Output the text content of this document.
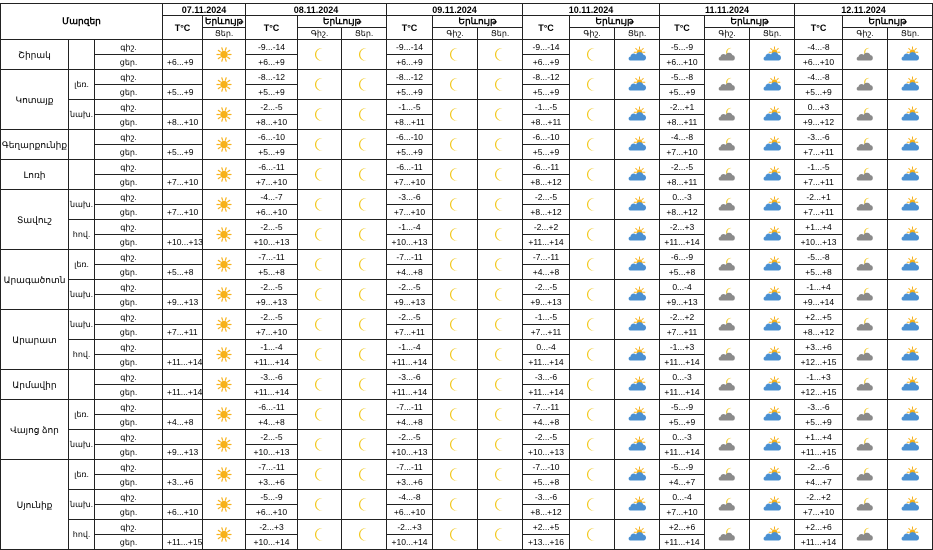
Մարզեր			07.11.2024		08.11.2024			09.11.2024			10.11.2024			11.11.2024			12.11.2024		
			T°C	Երևույթ	T°C	Երևույթ		T°C	Երևույթ		T°C	Երևույթ		T°C	Երևույթ		T°C	Երևույթ	
				Ցեր.		Գիշ.	Ցեր.		Գիշ.	Ցեր.		Գիշ.	Ցեր.		Գիշ.	Ցեր.		Գիշ.	Ցեր.
Շիրակ		գիշ.			-9...-14			-9...-14			-9...-14			-5...-9			-4...-8	

		ցեր.	+6...+9		+6...+9			+6...+9			+6...+9			+6...+10			+6...+10		
Կոտայք	լեռ.	գիշ.			-8...-12			-8...-12			-8...-12			-5...-8			-4...-8	

		ցեր.	+5...+9		+5...+9			+5...+9			+5...+9			+5...+9			+5...+9		
	նախ.	գիշ.			-2...-5			-1...-5			-1...-5			-2...+1			0...+3	

		ցեր.	+8...+10		+8...+10			+8...+11			+8...+11			+8...+11			+9...+12		
Գեղարքունիք		գիշ.			-6...-10			-6...-10			-6...-10			-4...-8			-3...-6	

		ցեր.	+5...+9		+5...+9			+5...+9			+5...+9			+7...+10			+7...+11		
Լոռի		գիշ.			-6...-11			-6...-11			-6...-11			-2...-5			-1...-5	

		ցեր.	+7...+10		+7...+10			+7...+10			+8...+12			+8...+11			+7...+11		
Տավուշ	նախ.	գիշ.			-4...-7			-3...-6			-2...-5			0...-3			-2...+1	

		ցեր.	+7...+10		+6...+10			+7...+10			+8...+12			+8...+12			+7...+11		
	հով.	գիշ.			-2...-5			-1...-4			-2...+2			-2...+3			+1...+4	

		ցեր.	+10...+13		+10...+13			+10...+13			+11...+14			+11...+14			+10...+13		
Արագածոտն	լեռ.	գիշ.			-7...-11			-7...-11			-7...-11			-6...-9			-5...-8	

		ցեր.	+5...+8		+5...+8			+4...+8			+4...+8			+5...+8			+5...+8		
	նախ.	գիշ.			-2...-5			-2...-5			-2...-5			0...-4			-1...+4	

		ցեր.	+9...+13		+9...+13			+9...+13			+9...+13			+9...+13			+9...+14		
Արարատ	նախ.	գիշ.			-2...-5			-2...-5			-1...-5			-2...+2			+2...+5	

		ցեր.	+7...+11		+7...+10			+7...+11			+7...+11			+7...+11			+8...+12		
	հով.	գիշ.			-1...-4			-1...-4			0...-4			-1...+3			+3...+6	

		ցեր.	+11...+14		+11...+14			+11...+14			+11...+14			+11...+14			+12...+15		
Արմավիր		գիշ.			-3...-6			-3...-6			-3...-6			0...-3			-1...+3	

		ցեր.	+11...+14		+11...+14			+11...+14			+11...+14			+11...+14			+12...+15		
Վայոց ձոր	լեռ.	գիշ.			-6...-11			-7...-11			-7...-11			-5...-9			-3...-6	

		ցեր.	+4...+8		+4...+8			+4...+8			+4...+8			+5...+9			+5...+9		
	նախ.	գիշ.			-2...-5			-2...-5			-2...-5			0...-3			+1...+4	

		ցեր.	+9...+13		+10...+13			+10...+13			+10...+13			+11...+14			+11...+15		
Սյունիք	լեռ.	գիշ.			-7...-11			-7...-11			-7...-10			-5...-9			-2...-6	

		ցեր.	+3...+6		+3...+6			+3...+6			+5...+8			+4...+7			+4...+7		
	նախ.	գիշ.			-5...-9			-4...-8			-3...-6			0...-4			-2...+2	

		ցեր.	+6...+10		+6...+10			+6...+10			+8...+12			+7...+10			+7...+10		
	հով.	գիշ.			-2...+3			-2...+3			+2...+5			+2...+6			+2...+6	

		ցեր.	+11...+15		+10...+14			+10...+14			+13...+16			+11...+14			+11...+14		
